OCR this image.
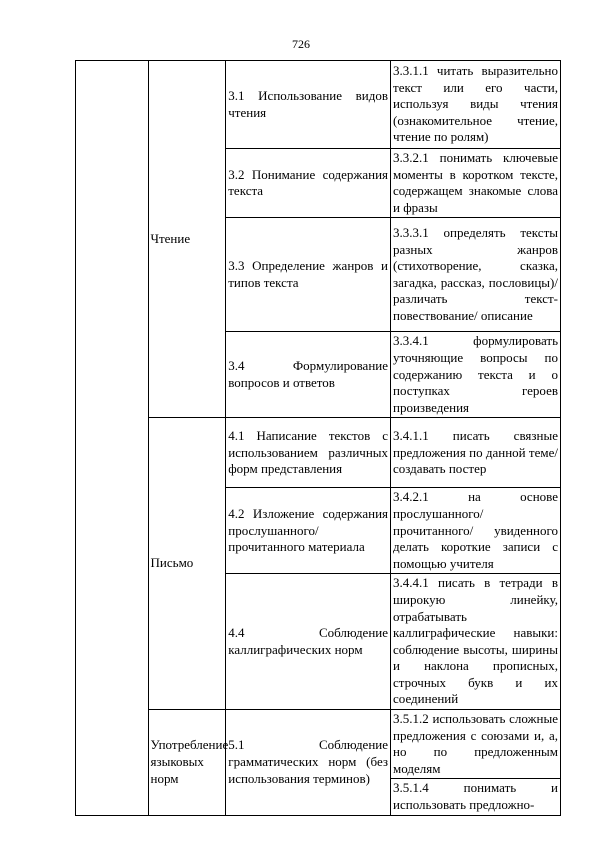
726
	Чтение	3.1 Использование видов чтения	3.3.1.1 читать выразительно текст или его части, используя виды чтения (ознакомительное чтение, чтение по ролям)

		3.2 Понимание содержания текста	3.3.2.1 понимать ключевые моменты в коротком тексте, содержащем знакомые слова и фразы

		3.3 Определение жанров и типов текста	3.3.3.1 определять тексты разных жанров (стихотворение, сказка, загадка, рассказ, пословицы)/ различать текст-повествование/ описание

		3.4 Формулирование вопросов и ответов	3.3.4.1 формулировать уточняющие вопросы по содержанию текста и о поступках героев произведения

	Письмо	4.1 Написание текстов с использованием различных форм представления	3.4.1.1 писать связные предложения по данной теме/создавать постер

		4.2 Изложение содержания прослушанного/прочитанного материала	3.4.2.1 на основе прослушанного/ прочитанного/ увиденного делать короткие записи с помощью учителя

		4.4 Соблюдение каллиграфических норм	3.4.4.1 писать в тетради в широкую линейку, отрабатывать каллиграфические навыки: соблюдение высоты, ширины и наклона прописных, строчных букв и их соединений

	Употребление языковых норм	5.1 Соблюдение грамматических норм (без использования терминов)	3.5.1.2 использовать сложные предложения с союзами и, а, но по предложенным моделям

			3.5.1.4 понимать и использовать предложно-
